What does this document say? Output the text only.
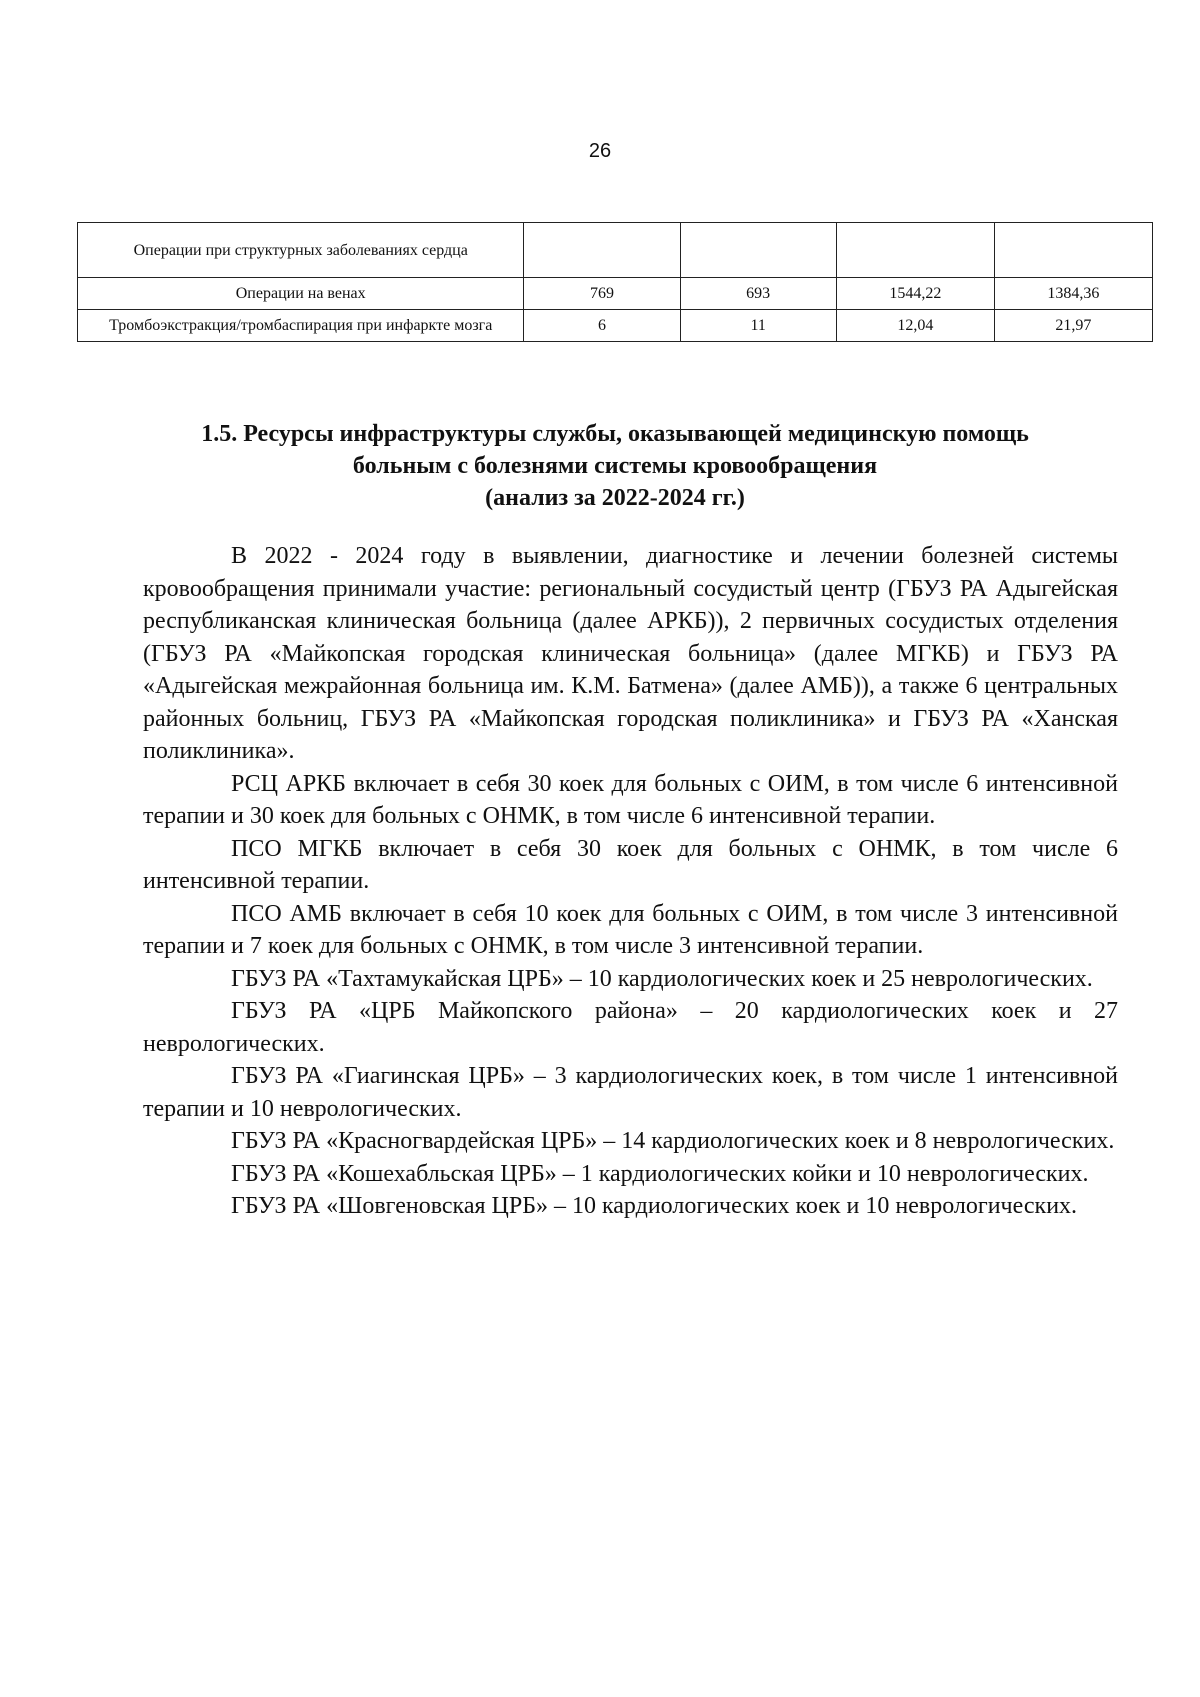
26
Операции при структурных заболеваниях сердца				
Операции на венах	769	693	1544,22	1384,36
Тромбоэкстракция/тромбаспирация при инфаркте мозга	6	11	12,04	21,97
1.5. Ресурсы инфраструктуры службы, оказывающей медицинскую помощь больным с болезнями системы кровообращения
(анализ за 2022-2024 гг.)

В 2022 - 2024 году в выявлении, диагностике и лечении болезней системы кровообращения принимали участие: региональный сосудистый центр (ГБУЗ РА Адыгейская республиканская клиническая больница (далее АРКБ)), 2 первичных сосудистых отделения (ГБУЗ РА «Майкопская городская клиническая больница» (далее МГКБ) и ГБУЗ РА «Адыгейская межрайонная больница им. К.М. Батмена» (далее АМБ)), а также 6 центральных районных больниц, ГБУЗ РА «Майкопская городская поликлиника» и ГБУЗ РА «Ханская поликлиника».

РСЦ АРКБ включает в себя 30 коек для больных с ОИМ, в том числе 6 интенсивной терапии и 30 коек для больных с ОНМК, в том числе 6 интенсивной терапии.

ПСО МГКБ включает в себя 30 коек для больных с ОНМК, в том числе 6 интенсивной терапии.

ПСО АМБ включает в себя 10 коек для больных с ОИМ, в том числе 3 интенсивной терапии и 7 коек для больных с ОНМК, в том числе 3 интенсивной терапии.

ГБУЗ РА «Тахтамукайская ЦРБ» – 10 кардиологических коек и 25 неврологических.

ГБУЗ РА «ЦРБ Майкопского района» – 20 кардиологических коек и 27 неврологических.

ГБУЗ РА «Гиагинская ЦРБ» – 3 кардиологических коек, в том числе 1 интенсивной терапии и 10 неврологических.

ГБУЗ РА «Красногвардейская ЦРБ» – 14 кардиологических коек и 8 неврологических.

ГБУЗ РА «Кошехабльская ЦРБ» – 1 кардиологических койки и 10 неврологических.

ГБУЗ РА «Шовгеновская ЦРБ» – 10 кардиологических коек и 10 неврологических.
